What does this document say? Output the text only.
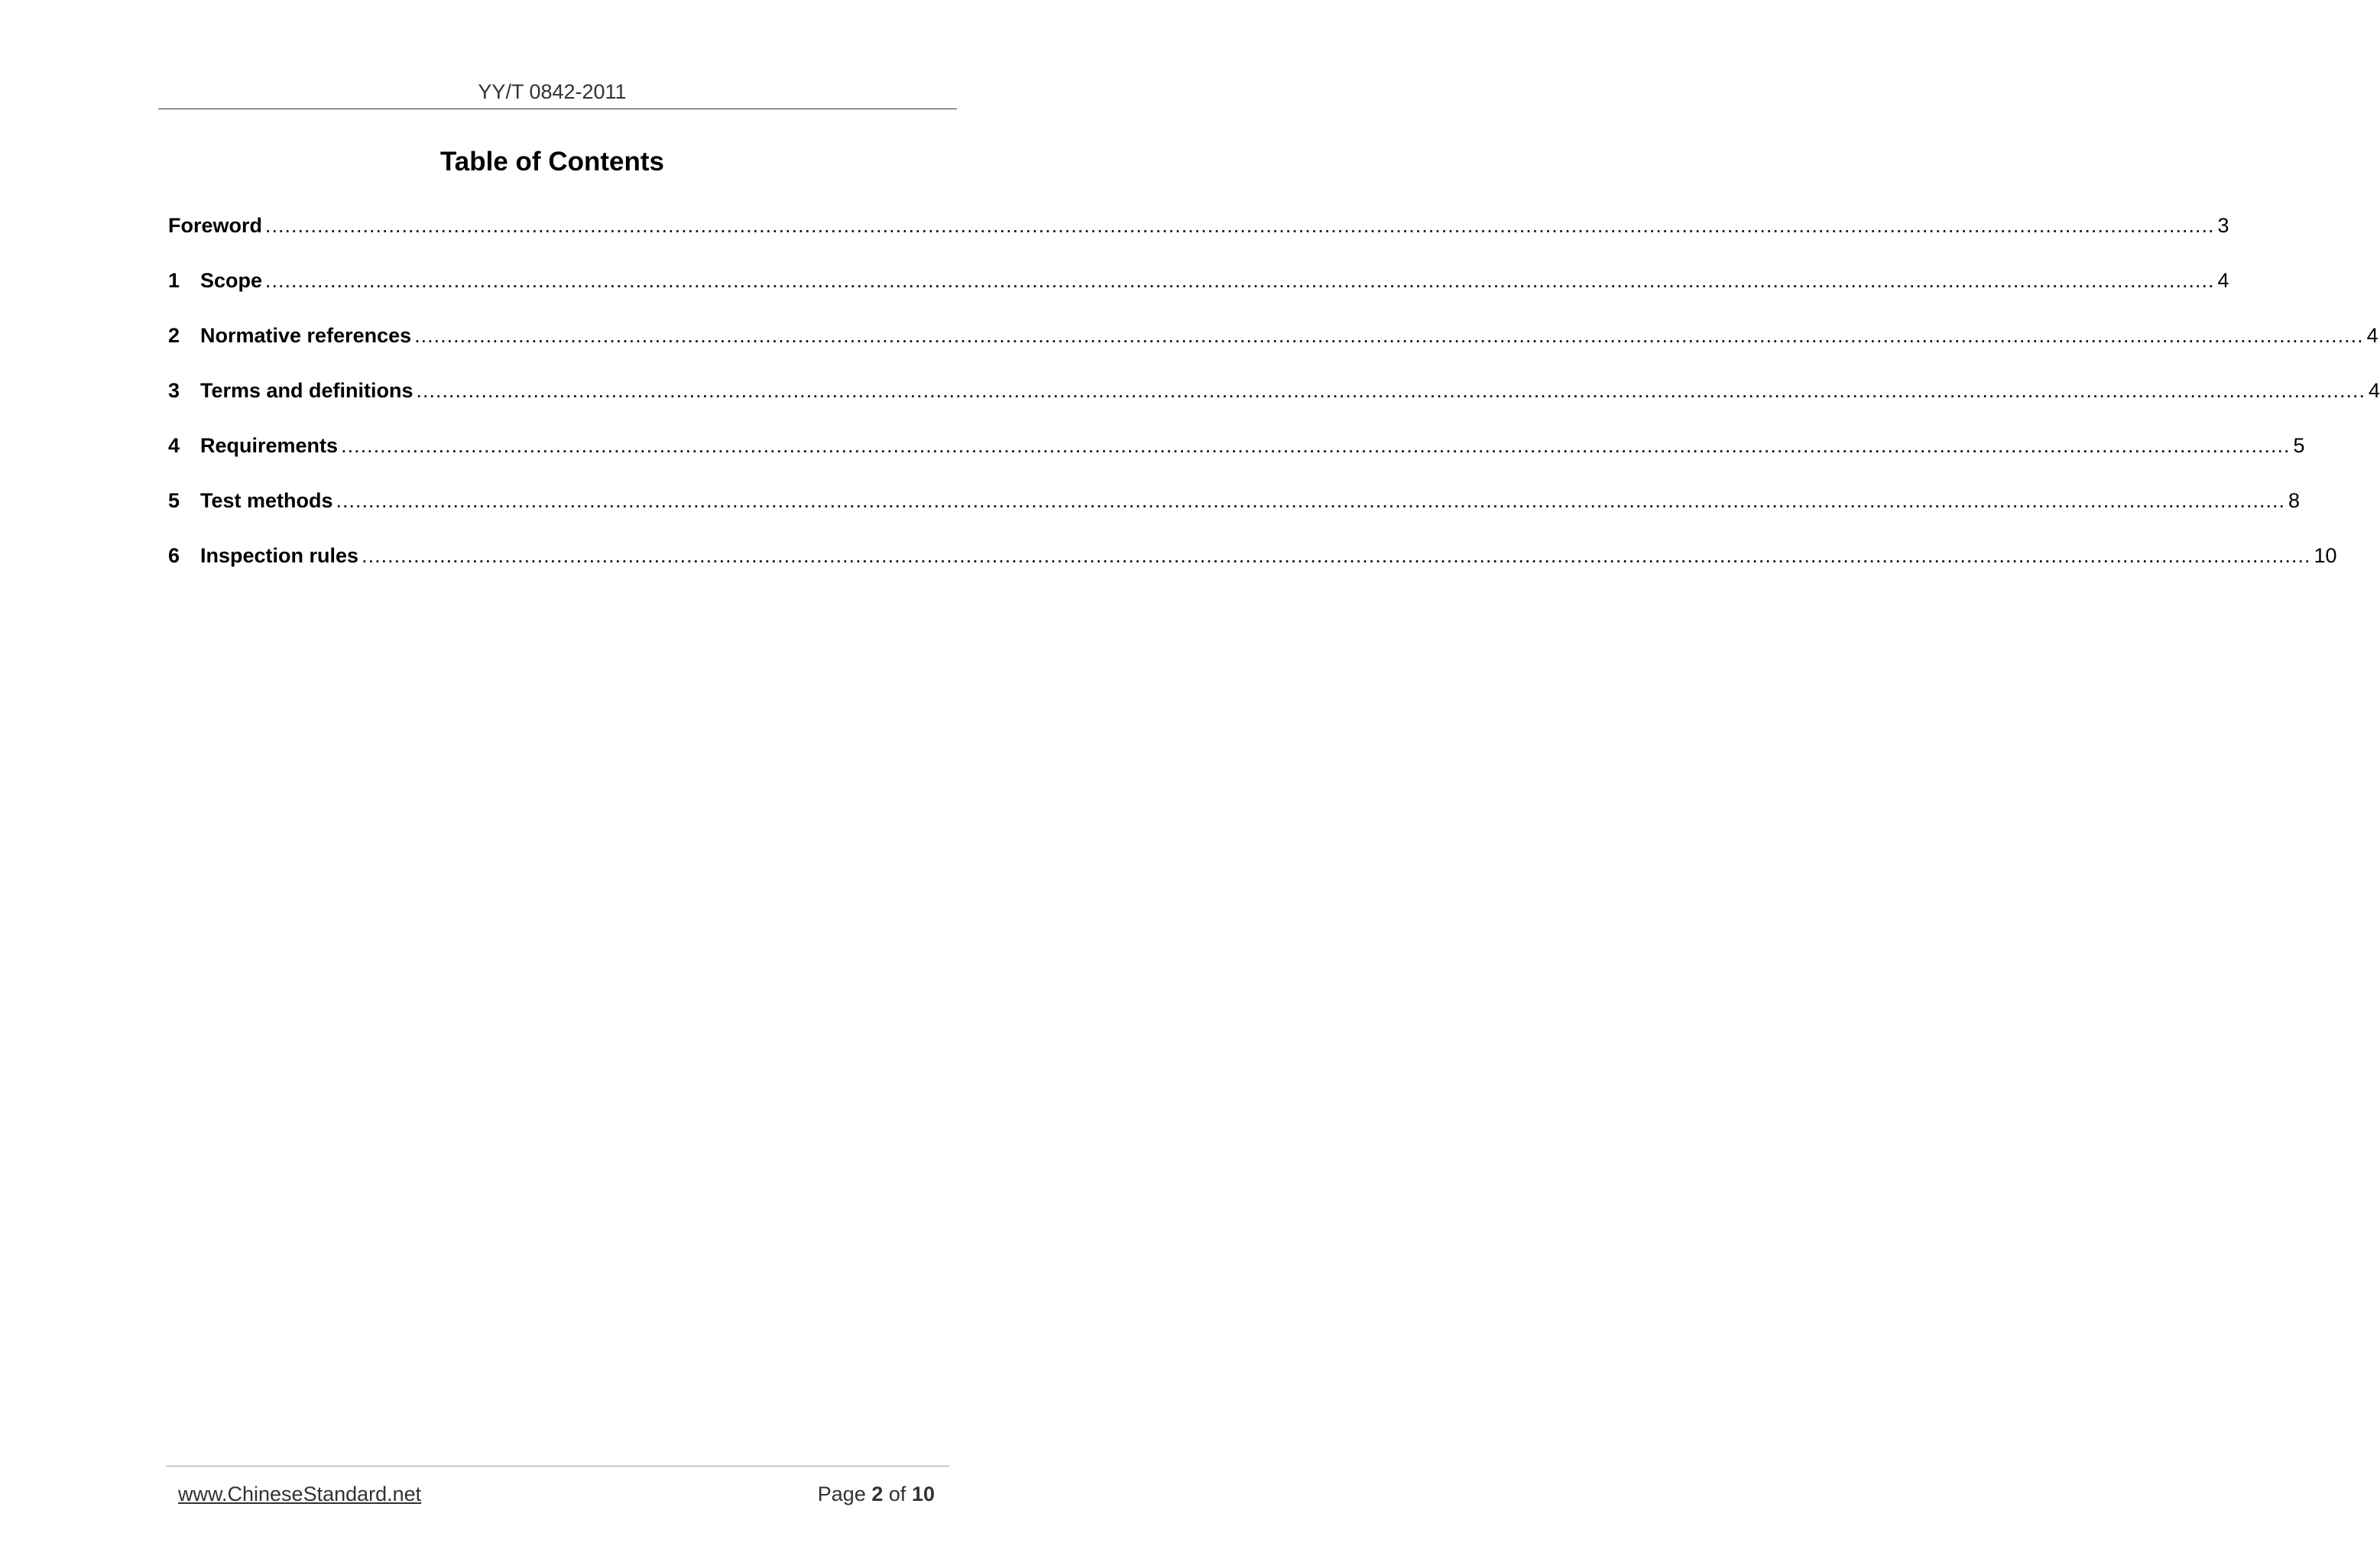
YY/T 0842-2011
Table of Contents
Foreword ............................................................................................................................................................................................................................................................................................................ 3
1 Scope ............................................................................................................................................................................................................................................................................................................ 4
2 Normative references ............................................................................................................................................................................................................................................................................................................ 4
3 Terms and definitions ............................................................................................................................................................................................................................................................................................................ 4
4 Requirements ............................................................................................................................................................................................................................................................................................................ 5
5 Test methods ............................................................................................................................................................................................................................................................................................................ 8
6 Inspection rules ............................................................................................................................................................................................................................................................................................................ 10
www.ChineseStandard.net	Page 2 of 10
